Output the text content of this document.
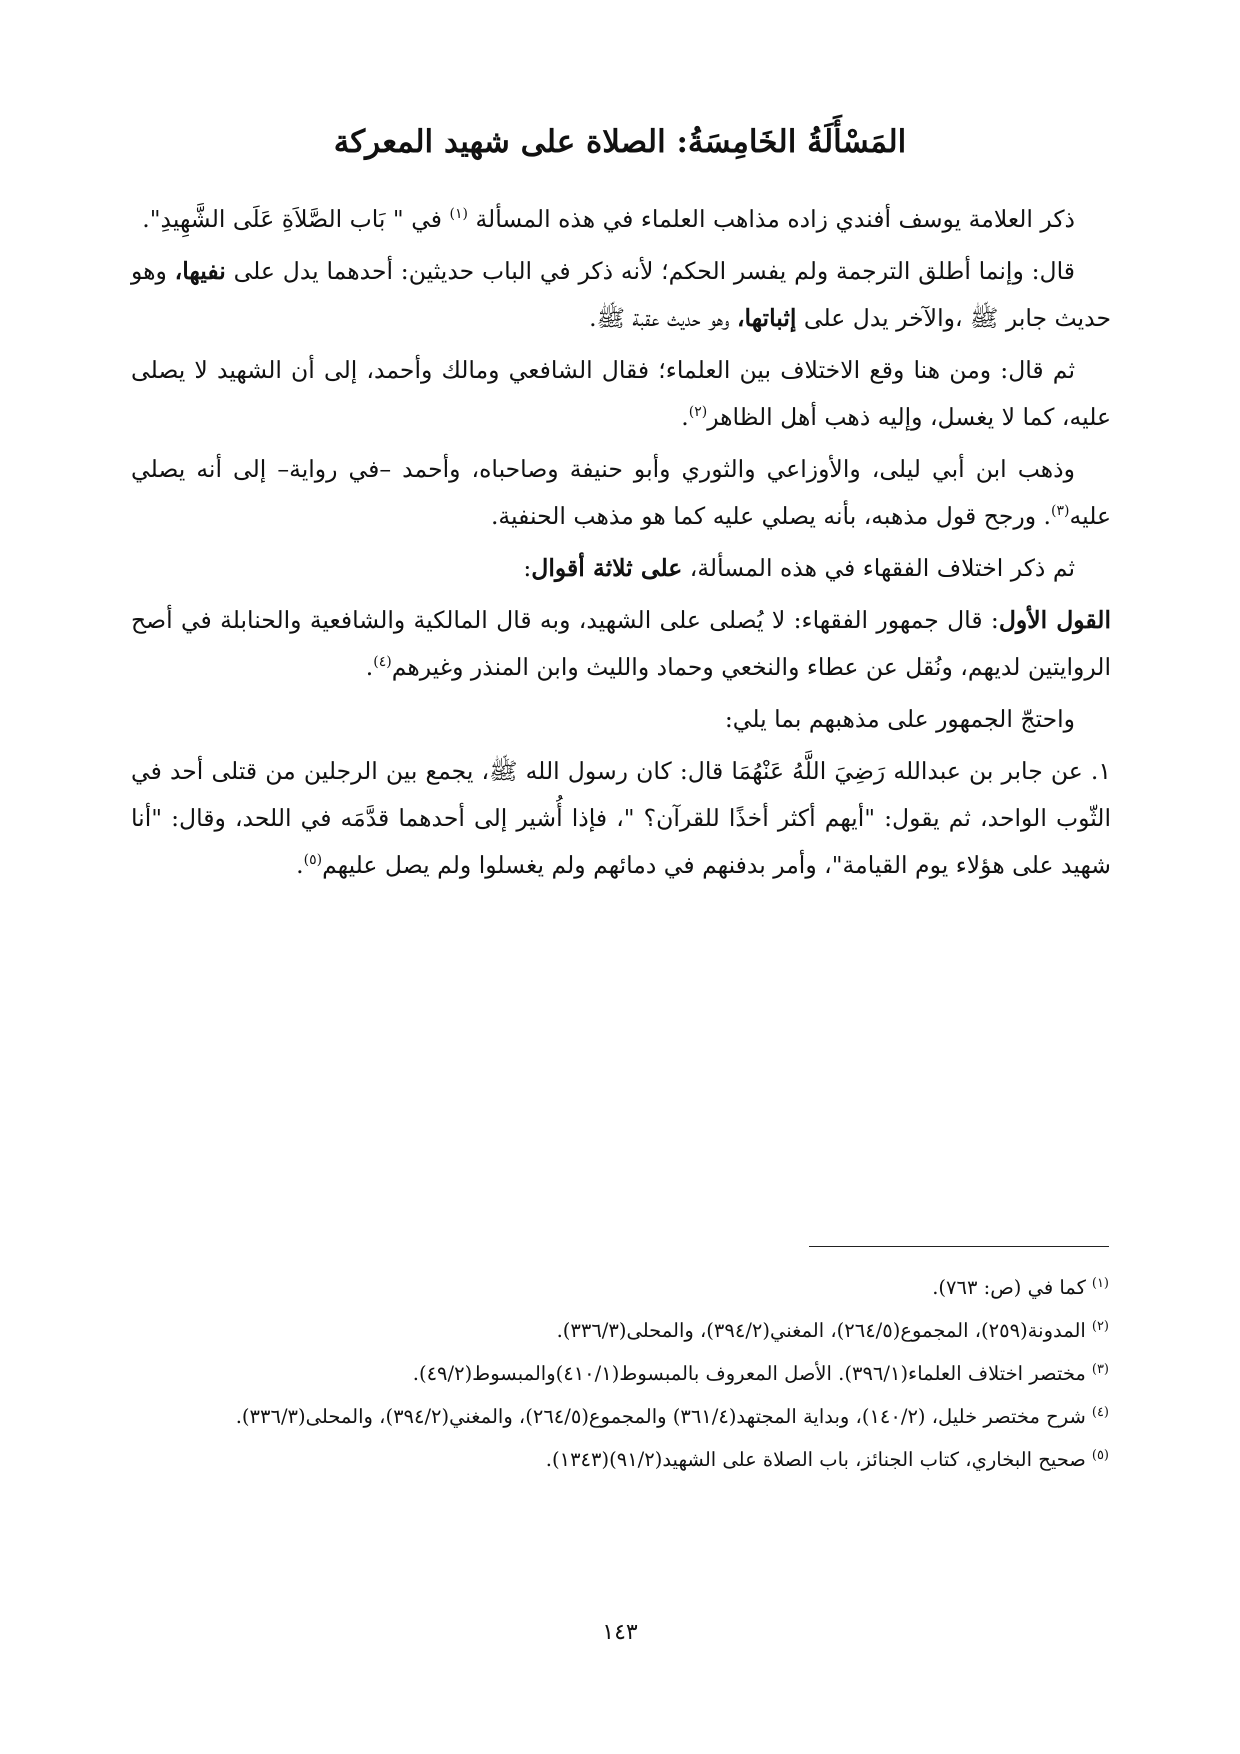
المَسْأَلَةُ الخَامِسَةُ: الصلاة على شهيد المعركة

ذكر العلامة يوسف أفندي زاده مذاهب العلماء في هذه المسألة $^{(١)}$ في " بَاب الصَّلاَةِ عَلَى الشَّهِيدِ".

قال: وإنما أطلق الترجمة ولم يفسر الحكم؛ لأنه ذكر في الباب حديثين: أحدهما يدل على نفيها، وهو حديث جابر ﷺ ،والآخر يدل على إثباتها، وهو حديث عقبة ﷺ.

ثم قال: ومن هنا وقع الاختلاف بين العلماء؛ فقال الشافعي ومالك وأحمد، إلى أن الشهيد لا يصلى عليه، كما لا يغسل، وإليه ذهب أهل الظاهر$^{(٢)}$.

وذهب ابن أبي ليلى، والأوزاعي والثوري وأبو حنيفة وصاحباه، وأحمد –في رواية– إلى أنه يصلي عليه$^{(٣)}$. ورجح قول مذهبه، بأنه يصلي عليه كما هو مذهب الحنفية.

ثم ذكر اختلاف الفقهاء في هذه المسألة، على ثلاثة أقوال:

القول الأول: قال جمهور الفقهاء: لا يُصلى على الشهيد، وبه قال المالكية والشافعية والحنابلة في أصح الروايتين لديهم، ونُقل عن عطاء والنخعي وحماد والليث وابن المنذر وغيرهم$^{(٤)}$.

واحتجّ الجمهور على مذهبهم بما يلي:

١. عن جابر بن عبدالله رَضِيَ اللَّهُ عَنْهُمَا قال: كان رسول الله ﷺ، يجمع بين الرجلين من قتلى أحد في الثّوب الواحد، ثم يقول: "أيهم أكثر أخذًا للقرآن؟ "، فإذا أُشير إلى أحدهما قدَّمَه في اللحد، وقال: "أنا شهيد على هؤلاء يوم القيامة"، وأمر بدفنهم في دمائهم ولم يغسلوا ولم يصل عليهم$^{(٥)}$.

$^{(١)}$كما في (ص: ٧٦٣).

$^{(٢)}$المدونة(٢٥٩)، المجموع(٢٦٤/٥)، المغني(٣٩٤/٢)، والمحلى(٣٣٦/٣).

$^{(٣)}$مختصر اختلاف العلماء(٣٩٦/١). الأصل المعروف بالمبسوط(٤١٠/١)والمبسوط(٤٩/٢).

$^{(٤)}$شرح مختصر خليل، (١٤٠/٢)، وبداية المجتهد(٣٦١/٤) والمجموع(٢٦٤/٥)، والمغني(٣٩٤/٢)، والمحلى(٣٣٦/٣).

$^{(٥)}$صحيح البخاري، كتاب الجنائز، باب الصلاة على الشهيد(٩١/٢)(١٣٤٣).

١٤٣
